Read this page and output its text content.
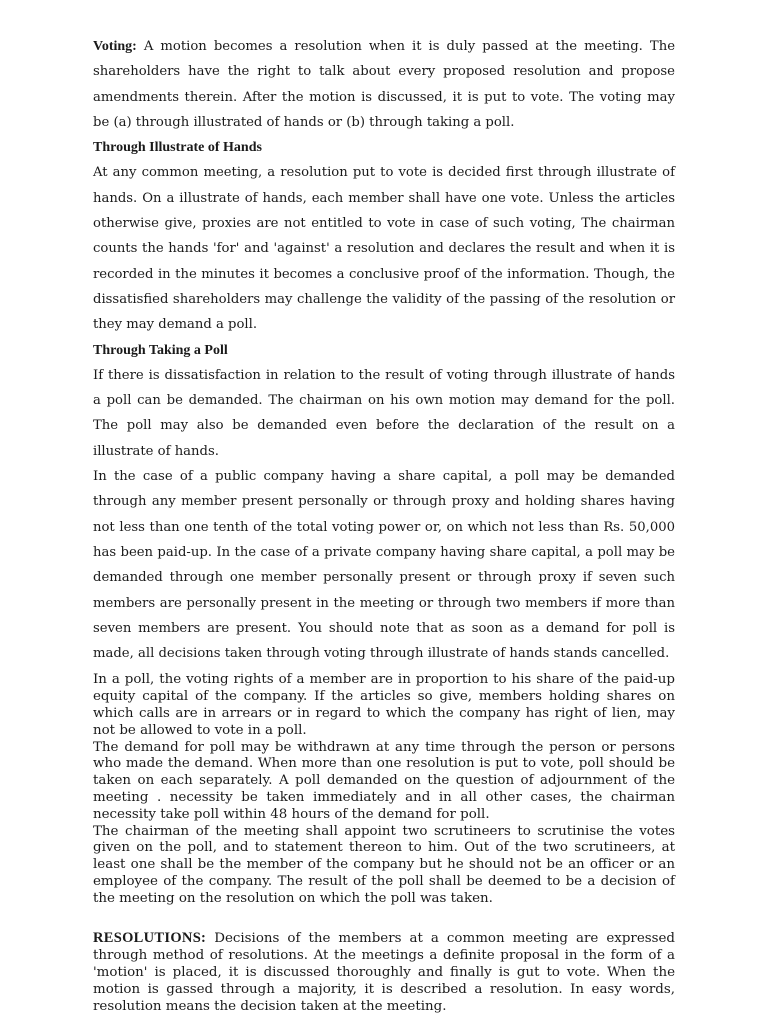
Voting: A motion becomes a resolution when it is duly passed at the meeting. The shareholders have the right to talk about every proposed resolution and propose amendments therein. After the motion is discussed, it is put to vote. The voting may be (a) through illustrated of hands or (b) through taking a poll.

Through Illustrate of Hands

At any common meeting, a resolution put to vote is decided first through illustrate of hands. On a illustrate of hands, each member shall have one vote. Unless the articles otherwise give, proxies are not entitled to vote in case of such voting, The chairman counts the hands 'for' and 'against' a resolution and declares the result and when it is recorded in the minutes it becomes a conclusive proof of the information. Though, the dissatisfied shareholders may challenge the validity of the passing of the resolution or they may demand a poll.

Through Taking a Poll

If there is dissatisfaction in relation to the result of voting through illustrate of hands a poll can be demanded. The chairman on his own motion may demand for the poll. The poll may also be demanded even before the declaration of the result on a illustrate of hands.

In the case of a public company having a share capital, a poll may be demanded through any member present personally or through proxy and holding shares having not less than one tenth of the total voting power or, on which not less than Rs. 50,000 has been paid-up. In the case of a private company having share capital, a poll may be demanded through one member personally present or through proxy if seven such members are personally present in the meeting or through two members if more than seven members are present. You should note that as soon as a demand for poll is made, all decisions taken through voting through illustrate of hands stands cancelled.

In a poll, the voting rights of a member are in proportion to his share of the paid-up equity capital of the company. If the articles so give, members holding shares on which calls are in arrears or in regard to which the company has right of lien, may not be allowed to vote in a poll.

The demand for poll may be withdrawn at any time through the person or persons who made the demand. When more than one resolution is put to vote, poll should be taken on each separately. A poll demanded on the question of adjournment of the meeting . necessity be taken immediately and in all other cases, the chairman necessity take poll within 48 hours of the demand for poll.

The chairman of the meeting shall appoint two scrutineers to scrutinise the votes given on the poll, and to statement thereon to him. Out of the two scrutineers, at least one shall be the member of the company but he should not be an officer or an employee of the company. The result of the poll shall be deemed to be a decision of the meeting on the resolution on which the poll was taken.

RESOLUTIONS: Decisions of the members at a common meeting are expressed through method of resolutions. At the meetings a definite proposal in the form of a 'motion' is placed, it is discussed thoroughly and finally is gut to vote. When the motion is gassed through a majority, it is described a resolution. In easy words, resolution means the decision taken at the meeting.
